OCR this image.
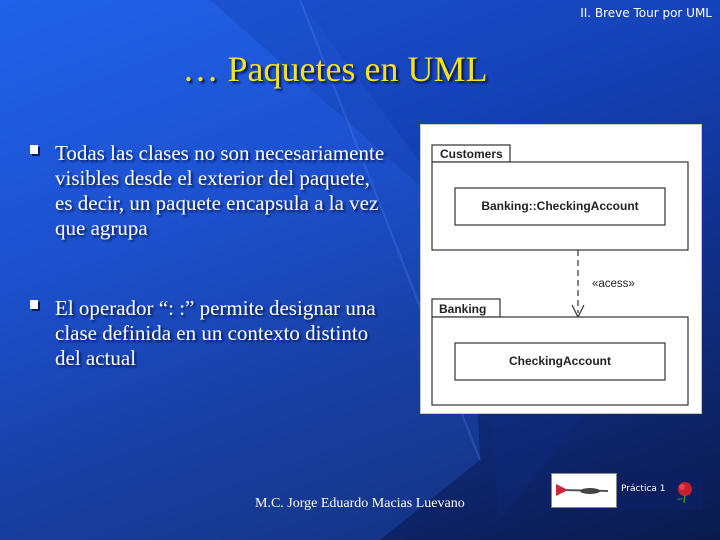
II. Breve Tour por UML
… Paquetes en UML
Todas las clases no son necesariamente visibles desde el exterior del paquete, es decir, un paquete encapsula a la vez que agrupa
El operador “: :” permite designar una clase definida en un contexto distinto del actual
Customers
Banking::CheckingAccount
«acess»
Banking
CheckingAccount
M.C. Jorge Eduardo Macias Luevano
Práctica 1
